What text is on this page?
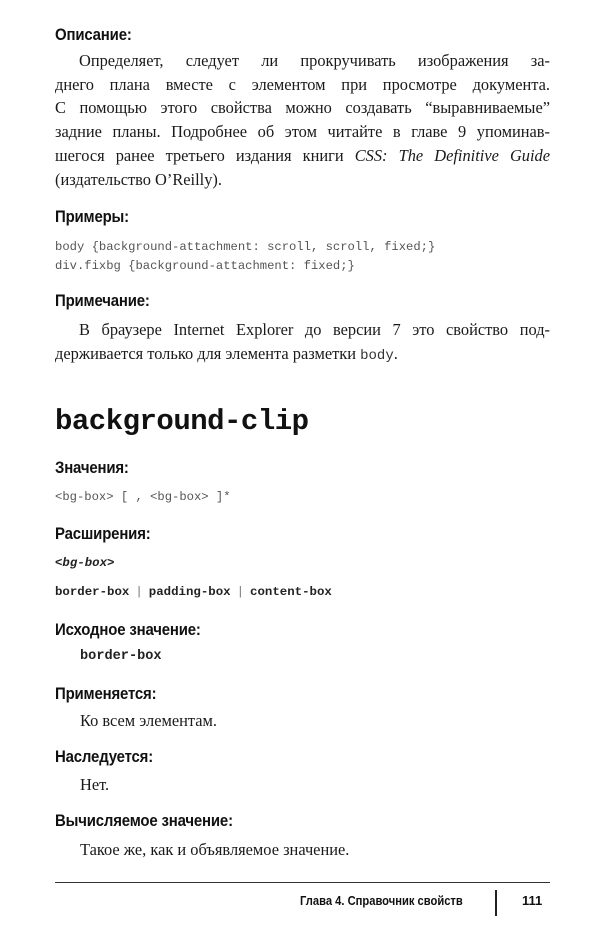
Описание:
Определяет, следует ли прокручивать изображения за-
днего плана вместе с элементом при просмотре документа.
С помощью этого свойства можно создавать “выравниваемые”
задние планы. Подробнее об этом читайте в главе 9 упоминав-
шегося ранее третьего издания книги CSS: The Definitive Guide
(издательство O’Reilly).
Примеры:
body {background-attachment: scroll, scroll, fixed;}
div.fixbg {background-attachment: fixed;}
Примечание:
В браузере Internet Explorer до версии 7 это свойство под-
держивается только для элемента разметки body.
background-clip
Значения:
<bg-box> [ , <bg-box> ]*
Расширения:
<bg-box>
border-box | padding-box | content-box
Исходное значение:
border-box
Применяется:
Ко всем элементам.
Наследуется:
Нет.
Вычисляемое значение:
Такое же, как и объявляемое значение.
Глава 4. Справочник свойств	111
